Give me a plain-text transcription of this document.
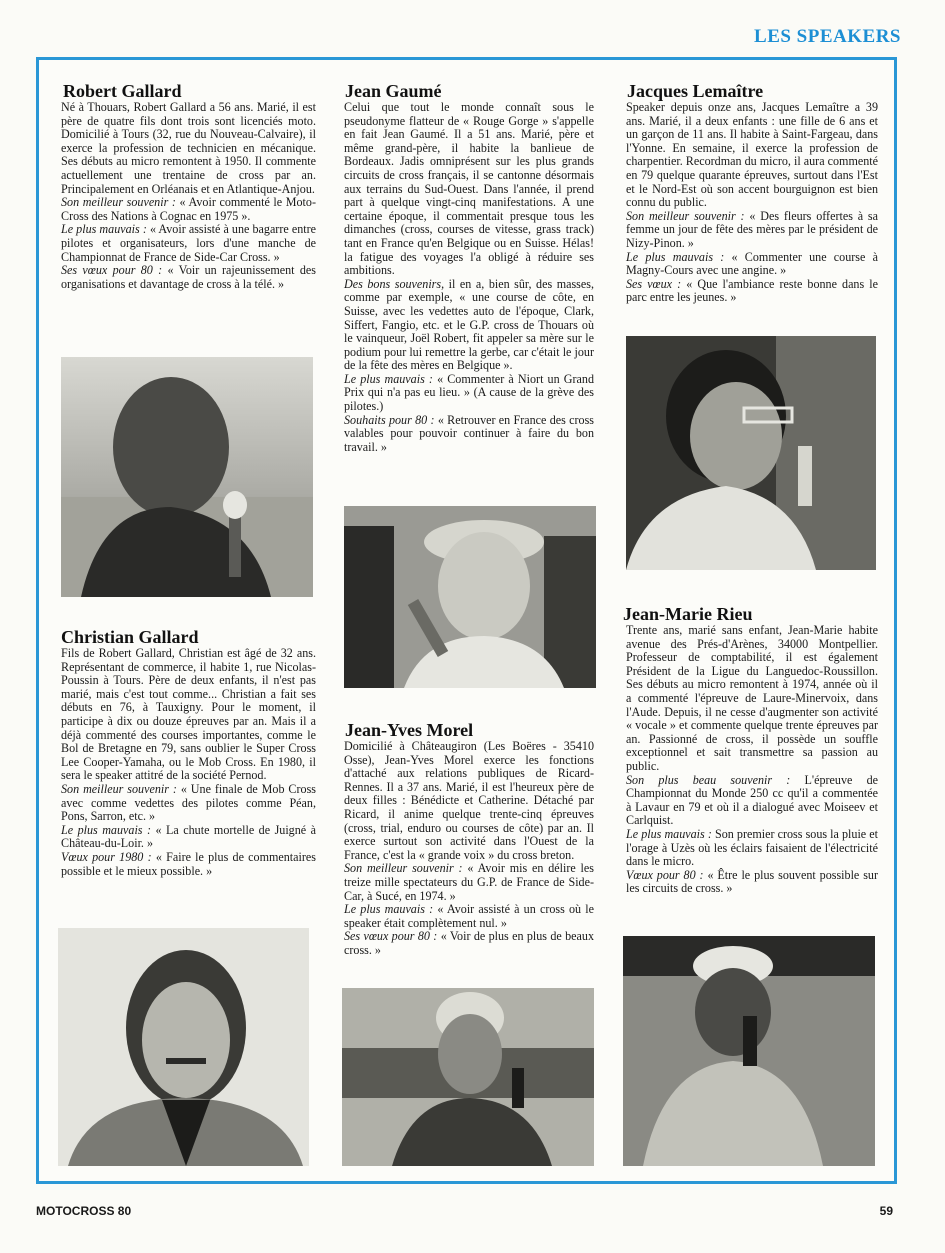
LES SPEAKERS
Robert Gallard

Né à Thouars, Robert Gallard a 56 ans. Marié, il est père de quatre fils dont trois sont licenciés moto. Domicilié à Tours (32, rue du Nouveau-Calvaire), il exerce la profession de technicien en mécanique. Ses débuts au micro remontent à 1950. Il commente actuellement une trentaine de cross par an. Principalement en Orléanais et en Atlantique-Anjou.

Son meilleur souvenir : « Avoir commenté le Moto-Cross des Nations à Cognac en 1975 ».

Le plus mauvais : « Avoir assisté à une bagarre entre pilotes et organisateurs, lors d'une manche de Championnat de France de Side-Car Cross. »

Ses vœux pour 80 : « Voir un rajeunissement des organisations et davantage de cross à la télé. »

Christian Gallard

Fils de Robert Gallard, Christian est âgé de 32 ans. Représentant de commerce, il habite 1, rue Nicolas-Poussin à Tours. Père de deux enfants, il n'est pas marié, mais c'est tout comme... Christian a fait ses débuts en 76, à Tauxigny. Pour le moment, il participe à dix ou douze épreuves par an. Mais il a déjà commenté des courses importantes, comme le Bol de Bretagne en 79, sans oublier le Super Cross Lee Cooper-Yamaha, ou le Mob Cross. En 1980, il sera le speaker attitré de la société Pernod.

Son meilleur souvenir : « Une finale de Mob Cross avec comme vedettes des pilotes comme Péan, Pons, Sarron, etc. »

Le plus mauvais : « La chute mortelle de Juigné à Château-du-Loir. »

Vœux pour 1980 : « Faire le plus de commentaires possible et le mieux possible. »

Jean Gaumé

Celui que tout le monde connaît sous le pseudonyme flatteur de « Rouge Gorge » s'appelle en fait Jean Gaumé. Il a 51 ans. Marié, père et même grand-père, il habite la banlieue de Bordeaux. Jadis omniprésent sur les plus grands circuits de cross français, il se cantonne désormais aux terrains du Sud-Ouest. Dans l'année, il prend part à quelque vingt-cinq manifestations. A une certaine époque, il commentait presque tous les dimanches (cross, courses de vitesse, grass track) tant en France qu'en Belgique ou en Suisse. Hélas! la fatigue des voyages l'a obligé à réduire ses ambitions.

Des bons souvenirs, il en a, bien sûr, des masses, comme par exemple, « une course de côte, en Suisse, avec les vedettes auto de l'époque, Clark, Siffert, Fangio, etc. et le G.P. cross de Thouars où le vainqueur, Joël Robert, fit appeler sa mère sur le podium pour lui remettre la gerbe, car c'était le jour de la fête des mères en Belgique ».

Le plus mauvais : « Commenter à Niort un Grand Prix qui n'a pas eu lieu. » (A cause de la grève des pilotes.)

Souhaits pour 80 : « Retrouver en France des cross valables pour pouvoir continuer à faire du bon travail. »

Jean-Yves Morel

Domicilié à Châteaugiron (Les Boëres - 35410 Osse), Jean-Yves Morel exerce les fonctions d'attaché aux relations publiques de Ricard-Rennes. Il a 37 ans. Marié, il est l'heureux père de deux filles : Bénédicte et Catherine. Détaché par Ricard, il anime quelque trente-cinq épreuves (cross, trial, enduro ou courses de côte) par an. Il exerce surtout son activité dans l'Ouest de la France, c'est la « grande voix » du cross breton.

Son meilleur souvenir : « Avoir mis en délire les treize mille spectateurs du G.P. de France de Side-Car, à Sucé, en 1974. »

Le plus mauvais : « Avoir assisté à un cross où le speaker était complètement nul. »

Ses vœux pour 80 : « Voir de plus en plus de beaux cross. »

Jacques Lemaître

Speaker depuis onze ans, Jacques Lemaître a 39 ans. Marié, il a deux enfants : une fille de 6 ans et un garçon de 11 ans. Il habite à Saint-Fargeau, dans l'Yonne. En semaine, il exerce la profession de charpentier. Recordman du micro, il aura commenté en 79 quelque quarante épreuves, surtout dans l'Est et le Nord-Est où son accent bourguignon est bien connu du public.

Son meilleur souvenir : « Des fleurs offertes à sa femme un jour de fête des mères par le président de Nizy-Pinon. »

Le plus mauvais : « Commenter une course à Magny-Cours avec une angine. »

Ses vœux : « Que l'ambiance reste bonne dans le parc entre les jeunes. »

Jean-Marie Rieu

Trente ans, marié sans enfant, Jean-Marie habite avenue des Prés-d'Arènes, 34000 Montpellier. Professeur de comptabilité, il est également Président de la Ligue du Languedoc-Roussillon. Ses débuts au micro remontent à 1974, année où il a commenté l'épreuve de Laure-Minervoix, dans l'Aude. Depuis, il ne cesse d'augmenter son activité « vocale » et commente quelque trente épreuves par an. Passionné de cross, il possède un souffle exceptionnel et sait transmettre sa passion au public.

Son plus beau souvenir : L'épreuve de Championnat du Monde 250 cc qu'il a commentée à Lavaur en 79 et où il a dialogué avec Moiseev et Carlquist.

Le plus mauvais : Son premier cross sous la pluie et l'orage à Uzès où les éclairs faisaient de l'électricité dans le micro.

Vœux pour 80 : « Être le plus souvent possible sur les circuits de cross. »

MOTOCROSS 80	59
